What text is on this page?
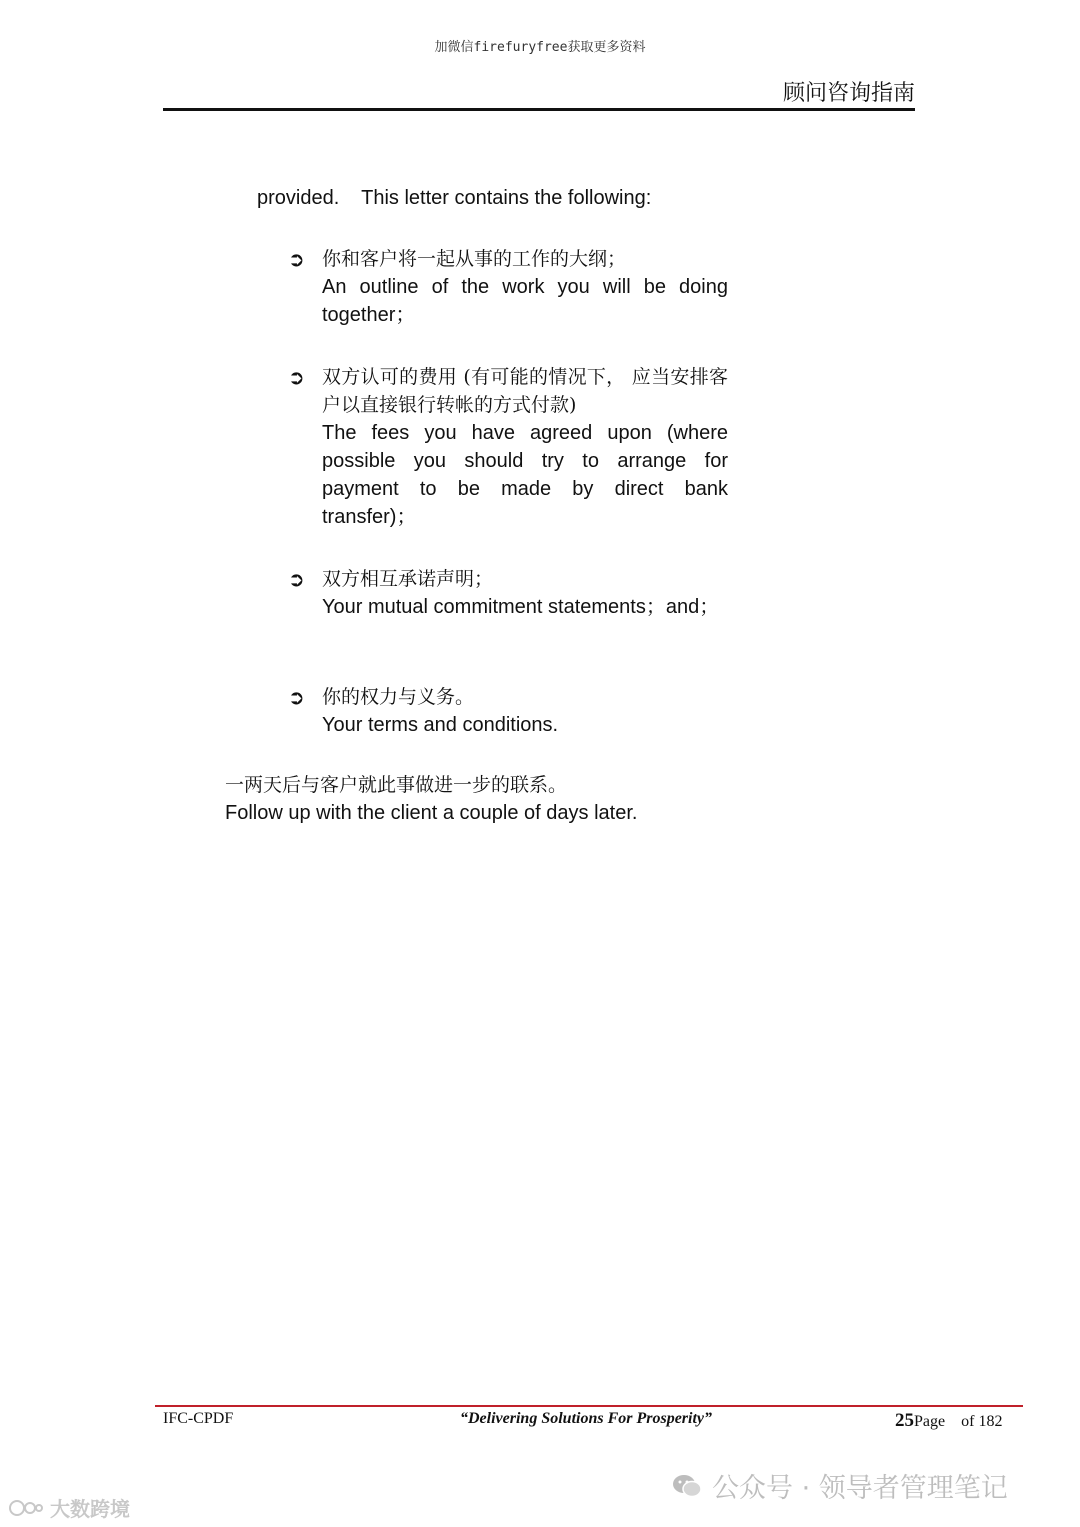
加微信firefuryfree获取更多资料
顾问咨询指南
provided.    This letter contains the following:
➲ 你和客户将一起从事的工作的大纲；
An outline of the work you will be doing together；
➲ 双方认可的费用 (有可能的情况下， 应当安排客户以直接银行转帐的方式付款)
The fees you have agreed upon (where possible you should try to arrange for payment to be made by direct bank transfer)；
➲ 双方相互承诺声明；
Your mutual commitment statements；and；
➲ 你的权力与义务。
Your terms and conditions.
一两天后与客户就此事做进一步的联系。
Follow up with the client a couple of days later.
IFC-CPDF	“Delivering Solutions For Prosperity”	25Page of 182
大数跨境
公众号 · 领导者管理笔记
